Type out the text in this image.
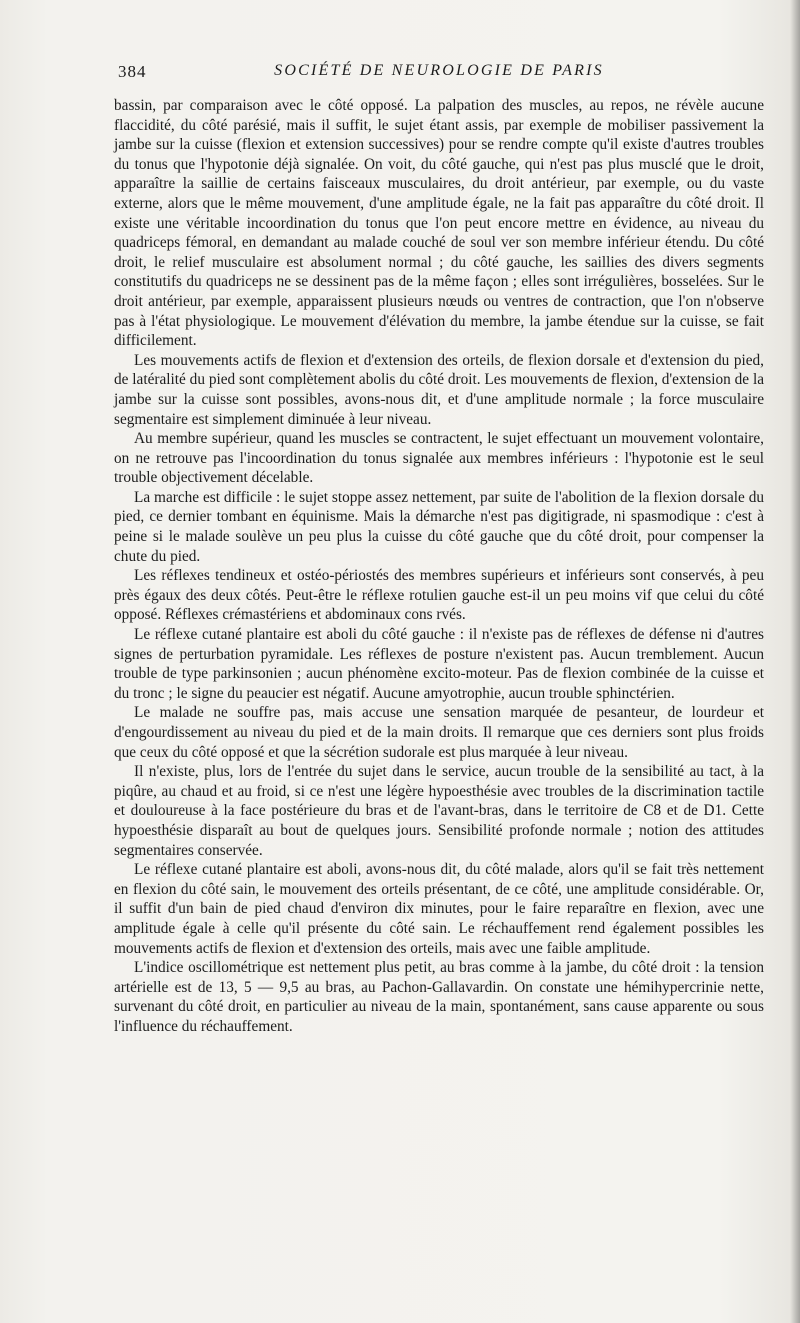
384	SOCIÉTÉ DE NEUROLOGIE DE PARIS

bassin, par comparaison avec le côté opposé. La palpation des muscles, au repos, ne révèle aucune flaccidité, du côté parésié, mais il suffit, le sujet étant assis, par exemple de mobiliser passivement la jambe sur la cuisse (flexion et extension successives) pour se rendre compte qu'il existe d'autres troubles du tonus que l'hypotonie déjà signalée. On voit, du côté gauche, qui n'est pas plus musclé que le droit, apparaître la saillie de certains faisceaux musculaires, du droit antérieur, par exemple, ou du vaste externe, alors que le même mouvement, d'une amplitude égale, ne la fait pas apparaître du côté droit. Il existe une véritable incoordination du tonus que l'on peut encore mettre en évidence, au niveau du quadriceps fémoral, en demandant au malade couché de soul ver son membre inférieur étendu. Du côté droit, le relief musculaire est absolument normal ; du côté gauche, les saillies des divers segments constitutifs du quadriceps ne se dessinent pas de la même façon ; elles sont irrégulières, bosselées. Sur le droit antérieur, par exemple, apparaissent plusieurs nœuds ou ventres de contraction, que l'on n'observe pas à l'état physiologique. Le mouvement d'élévation du membre, la jambe étendue sur la cuisse, se fait difficilement.

Les mouvements actifs de flexion et d'extension des orteils, de flexion dorsale et d'extension du pied, de latéralité du pied sont complètement abolis du côté droit. Les mouvements de flexion, d'extension de la jambe sur la cuisse sont possibles, avons-nous dit, et d'une amplitude normale ; la force musculaire segmentaire est simplement diminuée à leur niveau.

Au membre supérieur, quand les muscles se contractent, le sujet effectuant un mouvement volontaire, on ne retrouve pas l'incoordination du tonus signalée aux membres inférieurs : l'hypotonie est le seul trouble objectivement décelable.

La marche est difficile : le sujet stoppe assez nettement, par suite de l'abolition de la flexion dorsale du pied, ce dernier tombant en équinisme. Mais la démarche n'est pas digitigrade, ni spasmodique : c'est à peine si le malade soulève un peu plus la cuisse du côté gauche que du côté droit, pour compenser la chute du pied.

Les réflexes tendineux et ostéo-périostés des membres supérieurs et inférieurs sont conservés, à peu près égaux des deux côtés. Peut-être le réflexe rotulien gauche est-il un peu moins vif que celui du côté opposé. Réflexes crémastériens et abdominaux cons rvés.

Le réflexe cutané plantaire est aboli du côté gauche : il n'existe pas de réflexes de défense ni d'autres signes de perturbation pyramidale. Les réflexes de posture n'existent pas. Aucun tremblement. Aucun trouble de type parkinsonien ; aucun phénomène excito-moteur. Pas de flexion combinée de la cuisse et du tronc ; le signe du peaucier est négatif. Aucune amyotrophie, aucun trouble sphinctérien.

Le malade ne souffre pas, mais accuse une sensation marquée de pesanteur, de lourdeur et d'engourdissement au niveau du pied et de la main droits. Il remarque que ces derniers sont plus froids que ceux du côté opposé et que la sécrétion sudorale est plus marquée à leur niveau.

Il n'existe, plus, lors de l'entrée du sujet dans le service, aucun trouble de la sensibilité au tact, à la piqûre, au chaud et au froid, si ce n'est une légère hypoesthésie avec troubles de la discrimination tactile et douloureuse à la face postérieure du bras et de l'avant-bras, dans le territoire de C8 et de D1. Cette hypoesthésie disparaît au bout de quelques jours. Sensibilité profonde normale ; notion des attitudes segmentaires conservée.

Le réflexe cutané plantaire est aboli, avons-nous dit, du côté malade, alors qu'il se fait très nettement en flexion du côté sain, le mouvement des orteils présentant, de ce côté, une amplitude considérable. Or, il suffit d'un bain de pied chaud d'environ dix minutes, pour le faire reparaître en flexion, avec une amplitude égale à celle qu'il présente du côté sain. Le réchauffement rend également possibles les mouvements actifs de flexion et d'extension des orteils, mais avec une faible amplitude.

L'indice oscillométrique est nettement plus petit, au bras comme à la jambe, du côté droit : la tension artérielle est de 13, 5 — 9,5 au bras, au Pachon-Gallavardin. On constate une hémihypercrinie nette, survenant du côté droit, en particulier au niveau de la main, spontanément, sans cause apparente ou sous l'influence du réchauffement.
